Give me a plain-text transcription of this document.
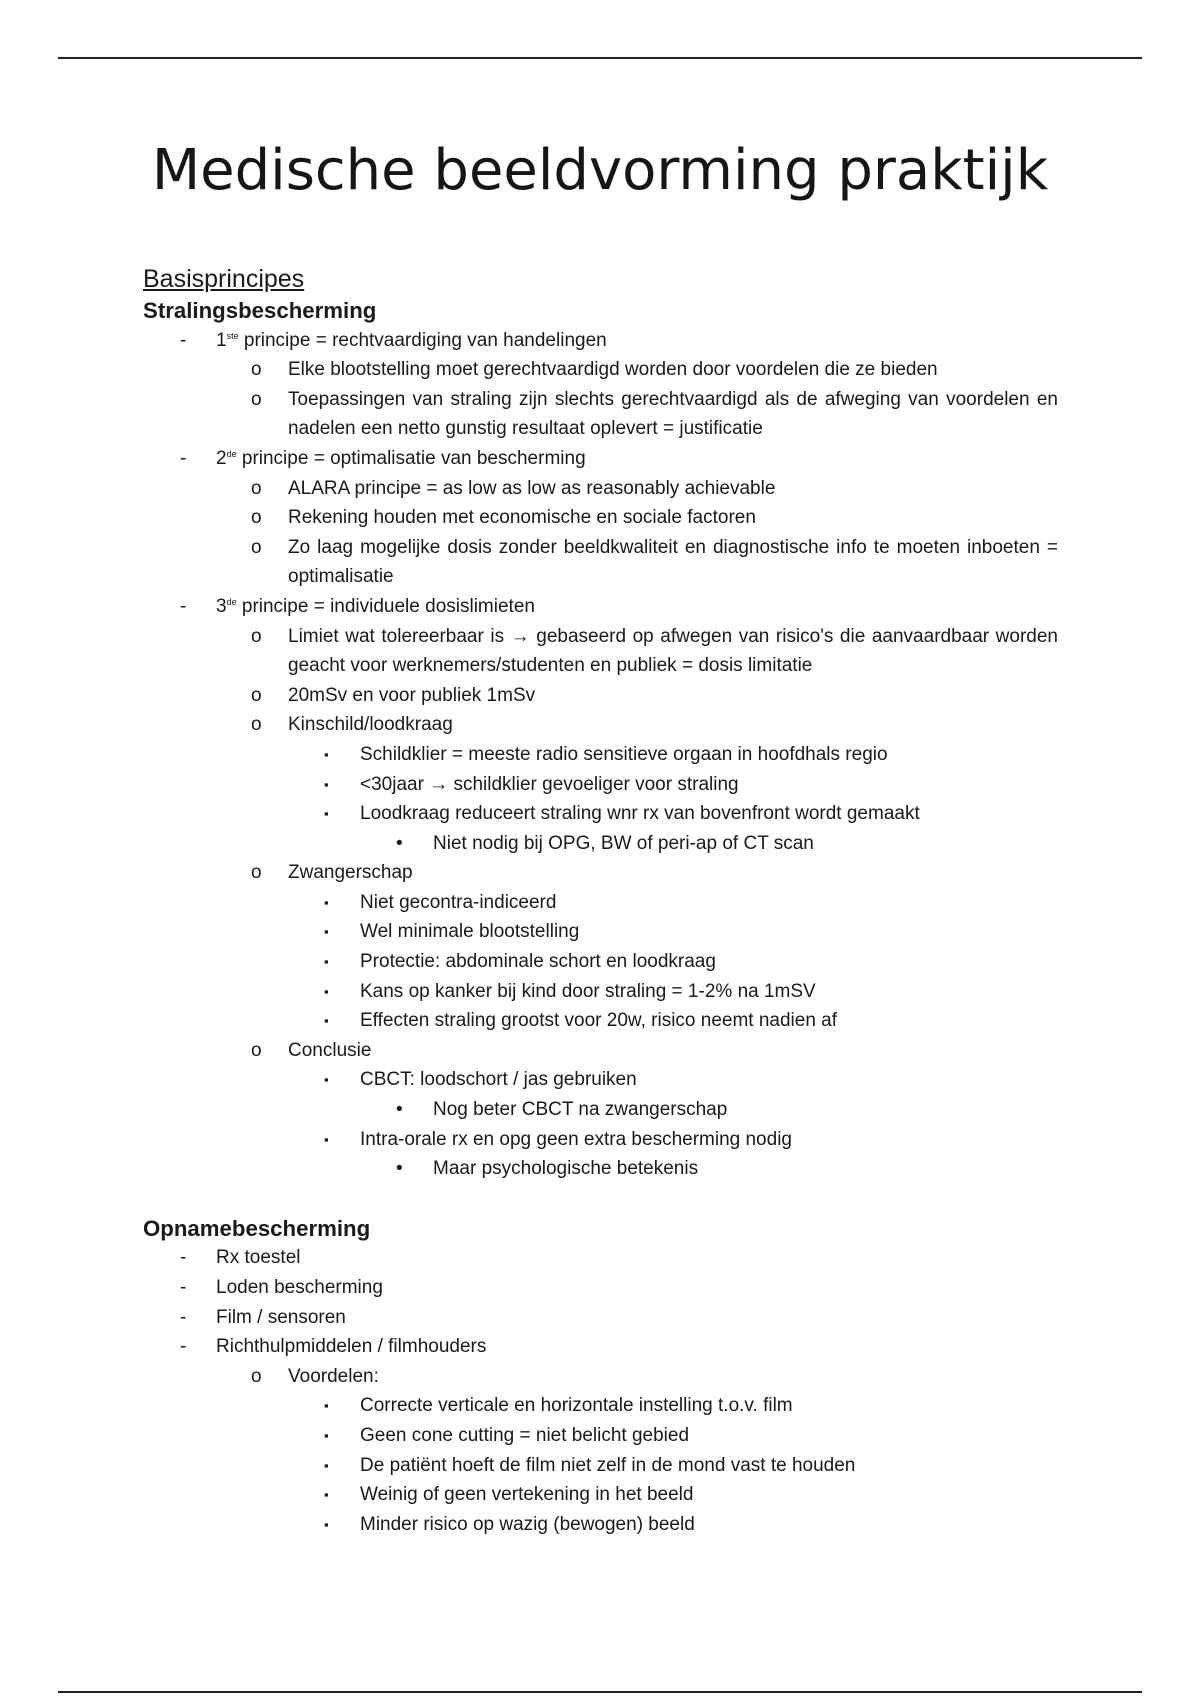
Medische beeldvorming praktijk
Basisprincipes
Stralingsbescherming
- 1ste principe = rechtvaardiging van handelingen
o Elke blootstelling moet gerechtvaardigd worden door voordelen die ze bieden
o Toepassingen van straling zijn slechts gerechtvaardigd als de afweging van voordelen en nadelen een netto gunstig resultaat oplevert = justificatie
- 2de principe = optimalisatie van bescherming
o ALARA principe = as low as low as reasonably achievable
o Rekening houden met economische en sociale factoren
o Zo laag mogelijke dosis zonder beeldkwaliteit en diagnostische info te moeten inboeten = optimalisatie
- 3de principe = individuele dosislimieten
o Limiet wat tolereerbaar is → gebaseerd op afwegen van risico's die aanvaardbaar worden geacht voor werknemers/studenten en publiek = dosis limitatie
o 20mSv en voor publiek 1mSv
o Kinschild/loodkraag
▪ Schildklier = meeste radio sensitieve orgaan in hoofdhals regio
▪ <30jaar → schildklier gevoeliger voor straling
▪ Loodkraag reduceert straling wnr rx van bovenfront wordt gemaakt
• Niet nodig bij OPG, BW of peri-ap of CT scan
o Zwangerschap
▪ Niet gecontra-indiceerd
▪ Wel minimale blootstelling
▪ Protectie: abdominale schort en loodkraag
▪ Kans op kanker bij kind door straling = 1-2% na 1mSV
▪ Effecten straling grootst voor 20w, risico neemt nadien af
o Conclusie
▪ CBCT: loodschort / jas gebruiken
• Nog beter CBCT na zwangerschap
▪ Intra-orale rx en opg geen extra bescherming nodig
• Maar psychologische betekenis
Opnamebescherming
- Rx toestel
- Loden bescherming
- Film / sensoren
- Richthulpmiddelen / filmhouders
o Voordelen:
▪ Correcte verticale en horizontale instelling t.o.v. film
▪ Geen cone cutting = niet belicht gebied
▪ De patiënt hoeft de film niet zelf in de mond vast te houden
▪ Weinig of geen vertekening in het beeld
▪ Minder risico op wazig (bewogen) beeld
